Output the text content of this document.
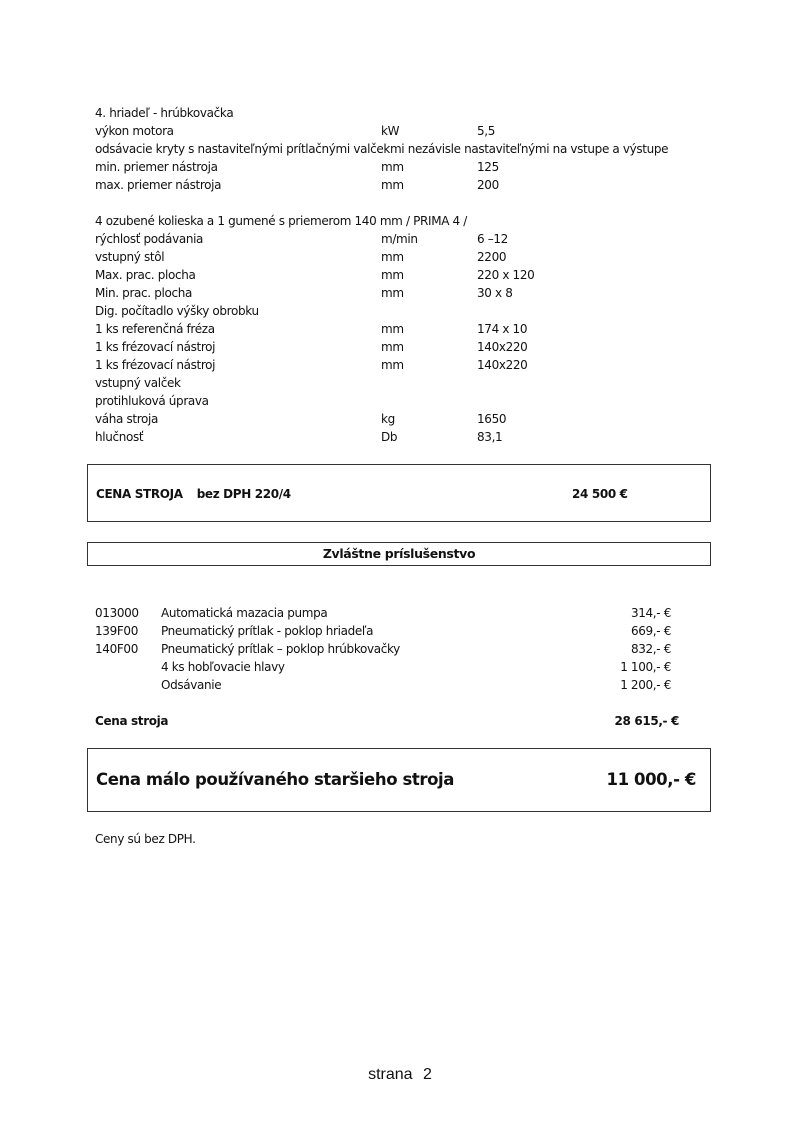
4. hriadeľ - hrúbkovačka
výkon motora	kW	5,5
odsávacie kryty s nastaviteľnými prítlačnými valčekmi nezávisle nastaviteľnými na vstupe a výstupe
min. priemer nástroja	mm	125
max. priemer nástroja	mm	200
4 ozubené kolieska a 1 gumené s priemerom 140 mm / PRIMA 4 /
rýchlosť podávania	m/min	6 –12
vstupný stôl	mm	2200
Max. prac. plocha	mm	220 x 120
Min. prac. plocha	mm	30 x 8
Dig. počítadlo výšky obrobku
1 ks referenčná fréza	mm	174 x 10
1 ks frézovací nástroj	mm	140x220
1 ks frézovací nástroj	mm	140x220
vstupný valček
protihluková úprava
váha stroja	kg	1650
hlučnosť	Db	83,1
CENA STROJA bez DPH 220/4	24 500 €
Zvláštne príslušenstvo
013000 Automatická mazacia pumpa	314,- €
139F00 Pneumatický prítlak - poklop hriadeľa	669,- €
140F00 Pneumatický prítlak – poklop hrúbkovačky	832,- €
4 ks hobľovacie hlavy	1 100,- €
Odsávanie	1 200,- €
Cena stroja	28 615,- €
Cena málo používaného staršieho stroja	11 000,- €
Ceny sú bez DPH.
strana 2
